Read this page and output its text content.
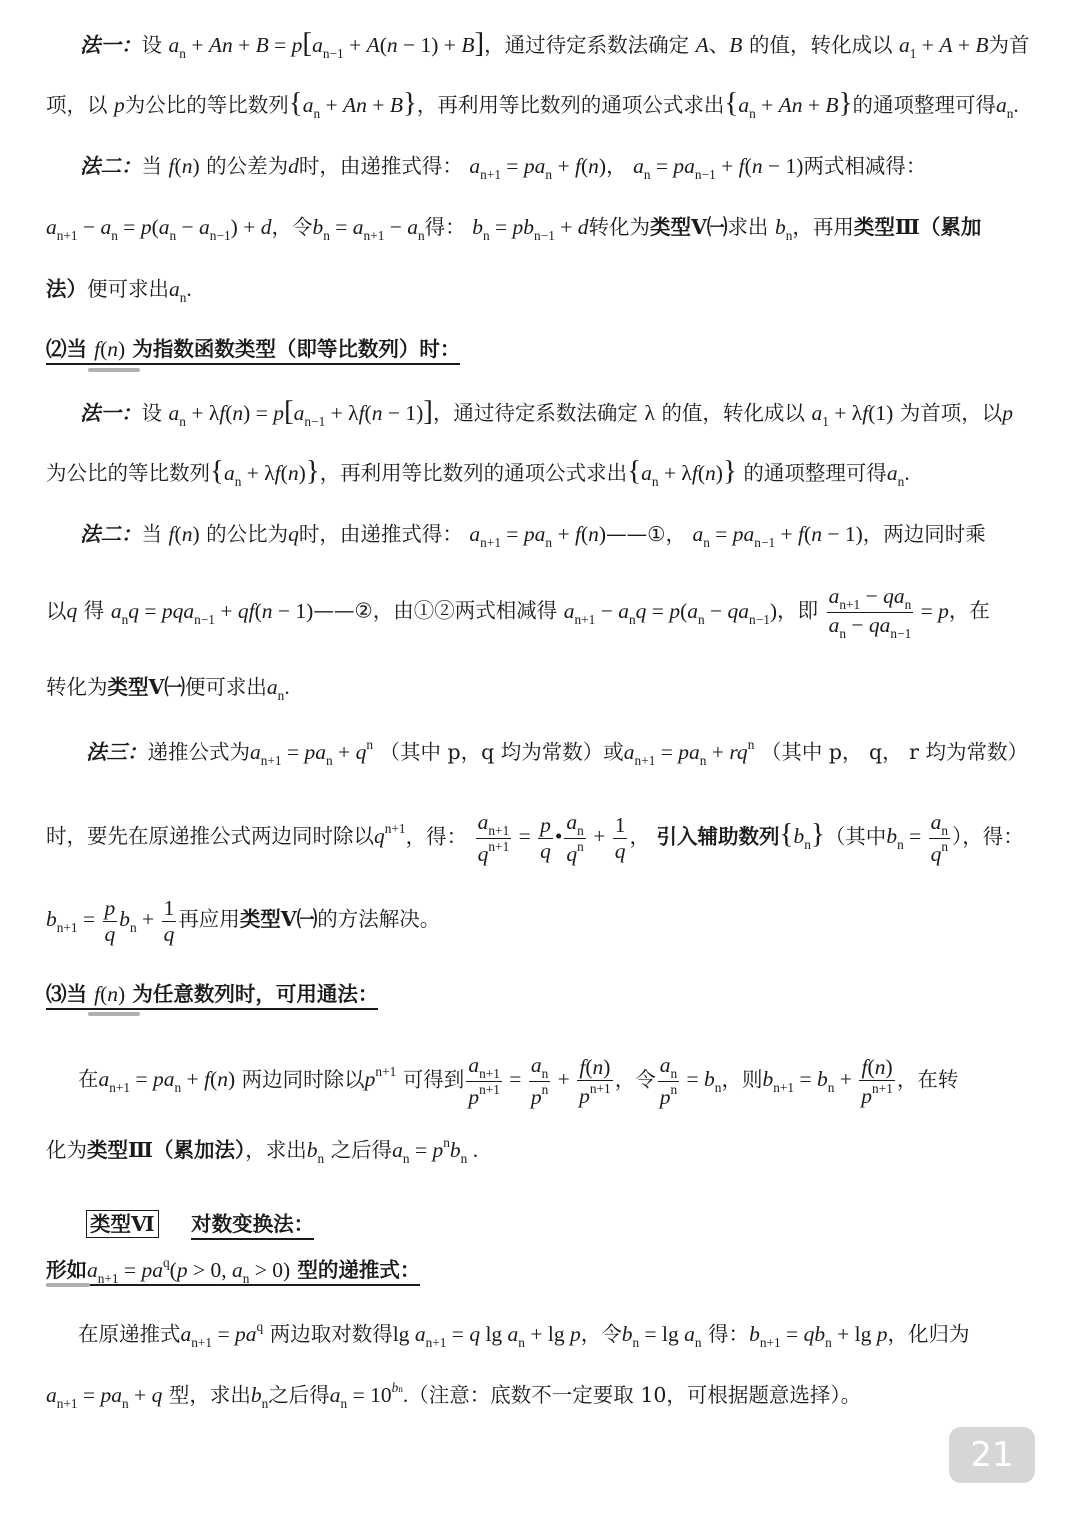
法一：设 $a_n + An + B = p[a_{n-1} + A(n - 1) + B]$，通过待定系数法确定 A、B 的值，转化成以 $a_1 + A + B$为首
项，以 p为公比的等比数列$\{a_n + An + B\}$，再利用等比数列的通项公式求出$\{a_n + An + B\}$的通项整理可得$a_n$.
法二：当 f(n) 的公差为d时，由递推式得： $a_{n+1} = pa_n + f(n)$， $a_n = pa_{n-1} + f(n - 1)$两式相减得：
$a_{n+1} - a_n = p(a_n - a_{n-1}) + d$，令$b_n = a_{n+1} - a_n$得： $b_n = pb_{n-1} + d$转化为类型Ⅴ㈠求出 $b_n$，再用类型Ⅲ（累加
法）便可求出$a_n$.
⑵当 f(n) 为指数函数类型（即等比数列）时：
法一：设 $a_n + \lambda f(n) = p[a_{n-1} + \lambda f(n - 1)]$，通过待定系数法确定 λ 的值，转化成以 $a_1 + \lambda f(1)$ 为首项，以p
为公比的等比数列$\{a_n + \lambda f(n)\}$，再利用等比数列的通项公式求出$\{a_n + \lambda f(n)\}$ 的通项整理可得$a_n$.
法二：当 f(n) 的公比为q时，由递推式得： $a_{n+1} = pa_n$ + f(n)——①， $a_n = pa_{n-1} + f(n - 1)$，两边同时乘
以q 得 $a_nq = pqa_{n-1} + qf(n$ − 1)——②，由①②两式相减得 $a_{n+1} - a_nq = p(a_n - qa_{n-1})$，即 $\frac{a_{n+1} - qa_n}{a_n - qa_{n-1}} = p$，在
转化为类型Ⅴ㈠便可求出$a_n$.
法三：递推公式为$a_{n+1} = pa_n + q^n$ （其中 p，q 均为常数）或$a_{n+1} = pa_n + rq^n$ （其中 p， q， r 均为常数）
时，要先在原递推公式两边同时除以$q^{n+1}$，得： $\frac{a_{n+1}}{q^{n+1}} = \frac{p}{q}$ • $\frac{a_n}{q^n} + \frac{1}{q}$ ， 引入辅助数列$\{b_n\}$（其中$b_n = \frac{a_n}{q^n}$ ），得：
$b_{n+1} = \frac{p}{q} b_n + \frac{1}{q}$ 再应用类型Ⅴ㈠的方法解决。
⑶当 f(n) 为任意数列时，可用通法：
在$a_{n+1} = pa_n + f(n)$ 两边同时除以$p^{n+1}$ 可得到 $\frac{a_{n+1}}{p^{n+1}} = \frac{a_n}{p^n} + \frac{f(n)}{p^{n+1}}$ ，令 $\frac{a_n}{p^n} = b_n$，则$b_{n+1} = b_n + \frac{f(n)}{p^{n+1}}$ ，在转
化为类型Ⅲ（累加法），求出$b_n$ 之后得$a_n = p^nb_n$ .
类型Ⅵ 对数变换法：
形如$a_{n+1} = pa^q(p > 0$, $a_n > 0$) 型的递推式：
在原递推式$a_{n+1} = pa^q$ 两边取对数得$\lg a_{n+1} = q$ $\lg a_n + \lg p$，令$b_n = \lg a_n$ 得：$b_{n+1} = qb_n + \lg p$，化归为
$a_{n+1} = pa_n + q$ 型，求出$b_n$之后得$a_n = 10^{bn}$.（注意：底数不一定要取 10，可根据题意选择）。
21
